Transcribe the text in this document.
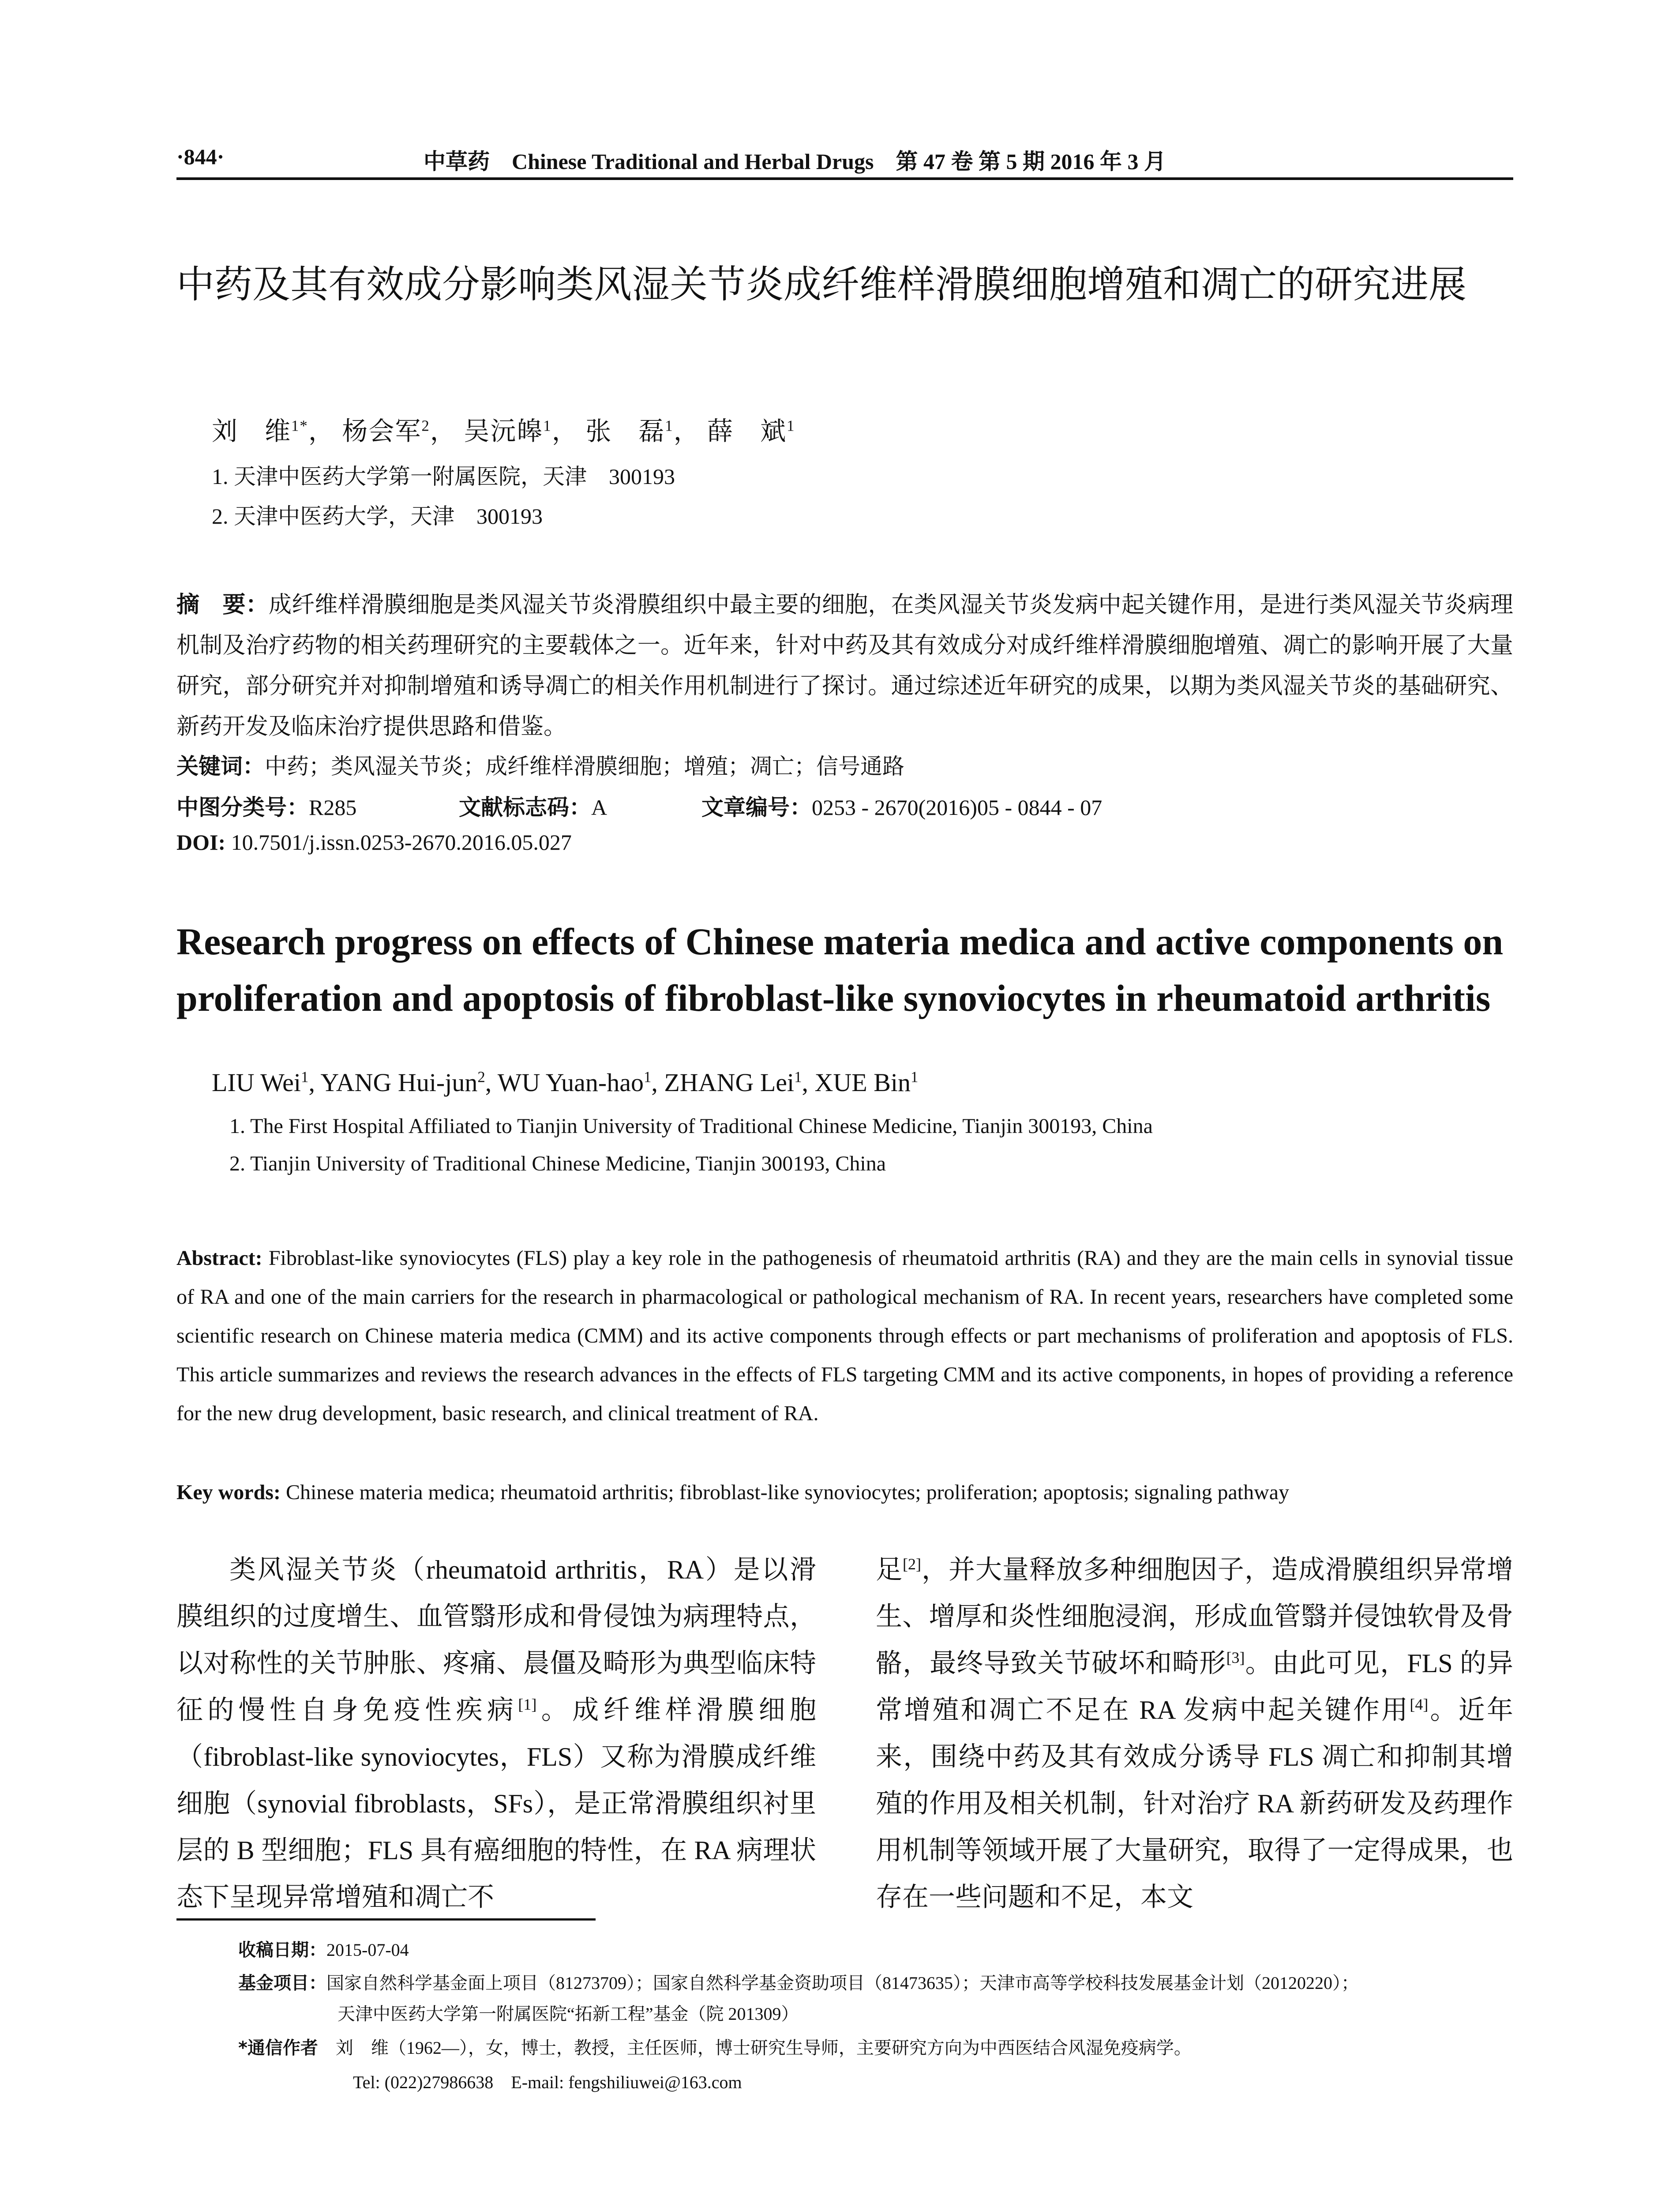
·844·	中草药　Chinese Traditional and Herbal Drugs　第 47 卷 第 5 期 2016 年 3 月
中药及其有效成分影响类风湿关节炎成纤维样滑膜细胞增殖和凋亡的研究进展
刘　维$^{1*}$， 杨会军$^2$， 吴沅皞$^1$， 张　磊$^1$， 薛　斌$^1$
1. 天津中医药大学第一附属医院，天津　300193
2. 天津中医药大学，天津　300193
摘　要：成纤维样滑膜细胞是类风湿关节炎滑膜组织中最主要的细胞，在类风湿关节炎发病中起关键作用，是进行类风湿关节炎病理机制及治疗药物的相关药理研究的主要载体之一。近年来，针对中药及其有效成分对成纤维样滑膜细胞增殖、凋亡的影响开展了大量研究，部分研究并对抑制增殖和诱导凋亡的相关作用机制进行了探讨。通过综述近年研究的成果，以期为类风湿关节炎的基础研究、新药开发及临床治疗提供思路和借鉴。
关键词：中药；类风湿关节炎；成纤维样滑膜细胞；增殖；凋亡；信号通路
中图分类号：R285	文献标志码：A	文章编号：0253 - 2670(2016)05 - 0844 - 07
DOI: 10.7501/j.issn.0253-2670.2016.05.027
Research progress on effects of Chinese materia medica and active components on
proliferation and apoptosis of fibroblast-like synoviocytes in rheumatoid arthritis
LIU Wei$^1$, YANG Hui-jun$^2$, WU Yuan-hao$^1$, ZHANG Lei$^1$, XUE Bin$^1$
1. The First Hospital Affiliated to Tianjin University of Traditional Chinese Medicine, Tianjin 300193, China
2. Tianjin University of Traditional Chinese Medicine, Tianjin 300193, China
Abstract: Fibroblast-like synoviocytes (FLS) play a key role in the pathogenesis of rheumatoid arthritis (RA) and they are the main cells in synovial tissue of RA and one of the main carriers for the research in pharmacological or pathological mechanism of RA. In recent years, researchers have completed some scientific research on Chinese materia medica (CMM) and its active components through effects or part mechanisms of proliferation and apoptosis of FLS. This article summarizes and reviews the research advances in the effects of FLS targeting CMM and its active components, in hopes of providing a reference for the new drug development, basic research, and clinical treatment of RA.
Key words: Chinese materia medica; rheumatoid arthritis; fibroblast-like synoviocytes; proliferation; apoptosis; signaling pathway
类风湿关节炎（rheumatoid arthritis，RA）是以滑膜组织的过度增生、血管翳形成和骨侵蚀为病理特点，以对称性的关节肿胀、疼痛、晨僵及畸形为典型临床特征的慢性自身免疫性疾病[1]。成纤维样滑膜细胞（fibroblast-like synoviocytes，FLS）又称为滑膜成纤维细胞（synovial fibroblasts，SFs），是正常滑膜组织衬里层的 B 型细胞；FLS 具有癌细胞的特性，在 RA 病理状态下呈现异常增殖和凋亡不
足[2]，并大量释放多种细胞因子，造成滑膜组织异常增生、增厚和炎性细胞浸润，形成血管翳并侵蚀软骨及骨骼，最终导致关节破坏和畸形[3]。由此可见，FLS 的异常增殖和凋亡不足在 RA 发病中起关键作用[4]。近年来，围绕中药及其有效成分诱导 FLS 凋亡和抑制其增殖的作用及相关机制，针对治疗 RA 新药研发及药理作用机制等领域开展了大量研究，取得了一定得成果，也存在一些问题和不足，本文
收稿日期：2015-07-04
基金项目：国家自然科学基金面上项目（81273709）；国家自然科学基金资助项目（81473635）；天津市高等学校科技发展基金计划（20120220）；
天津中医药大学第一附属医院“拓新工程”基金（院 201309）
*通信作者　 刘　维（1962—），女，博士，教授，主任医师，博士研究生导师，主要研究方向为中西医结合风湿免疫病学。
Tel: (022)27986638　E-mail: fengshiliuwei@163.com
